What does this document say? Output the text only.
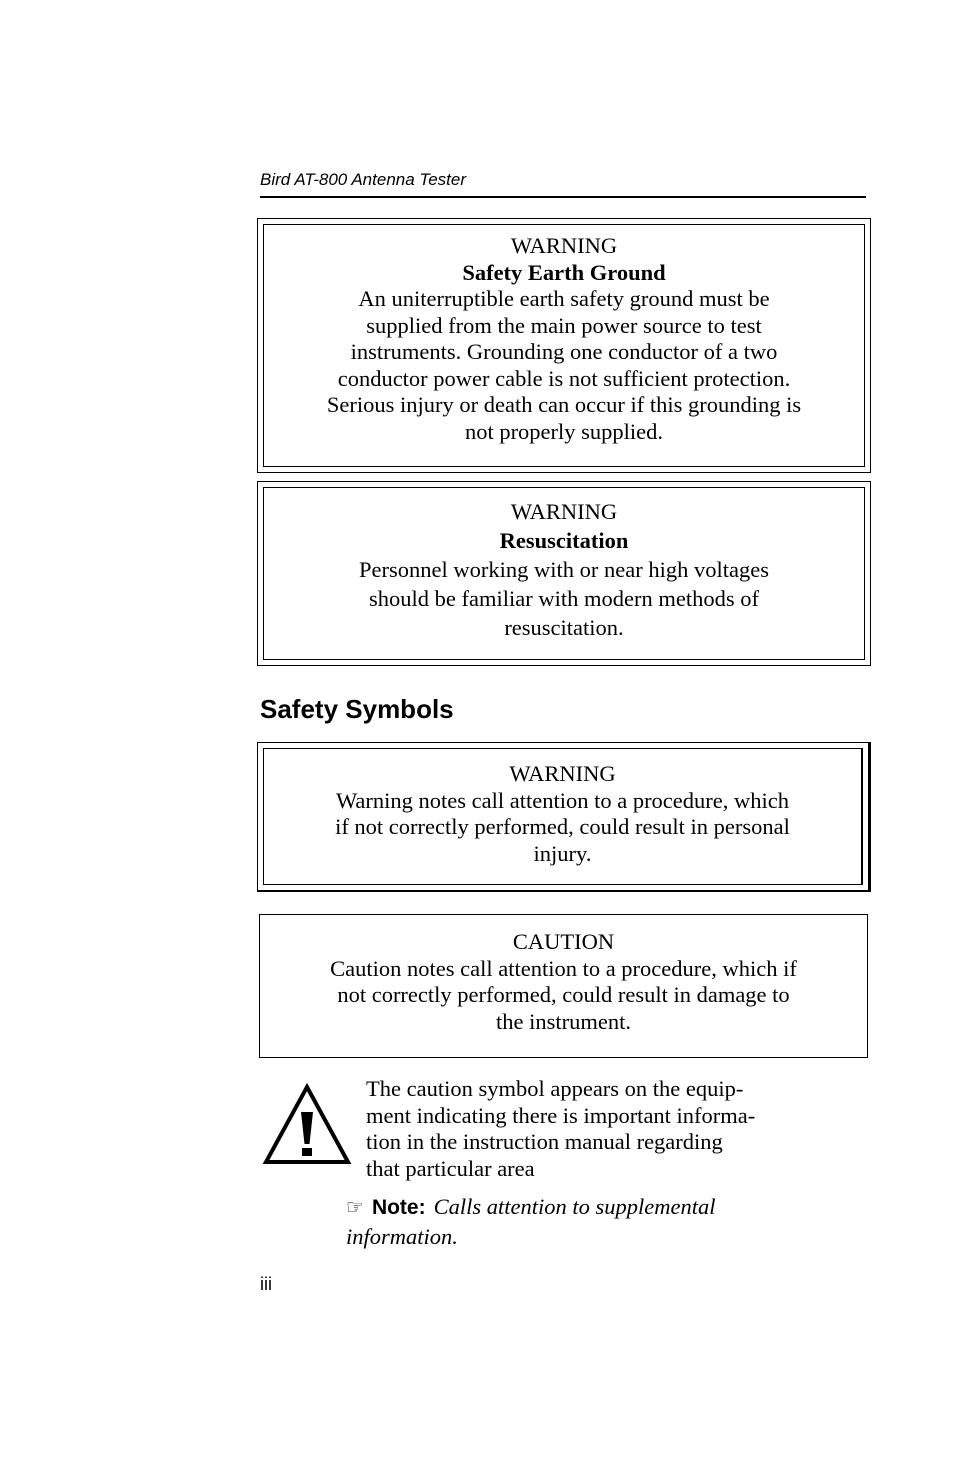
Bird AT-800 Antenna Tester
WARNING
Safety Earth Ground
An uniterruptible earth safety ground must be
supplied from the main power source to test
instruments. Grounding one conductor of a two
conductor power cable is not sufficient protection.
Serious injury or death can occur if this grounding is
not properly supplied.
WARNING
Resuscitation
Personnel working with or near high voltages
should be familiar with modern methods of
resuscitation.
Safety Symbols
WARNING
Warning notes call attention to a procedure, which
if not correctly performed, could result in personal
injury.
CAUTION
Caution notes call attention to a procedure, which if
not correctly performed, could result in damage to
the instrument.
The caution symbol appears on the equip-
ment indicating there is important informa-
tion in the instruction manual regarding
that particular area
☞ Note: Calls attention to supplemental
information.
iii
